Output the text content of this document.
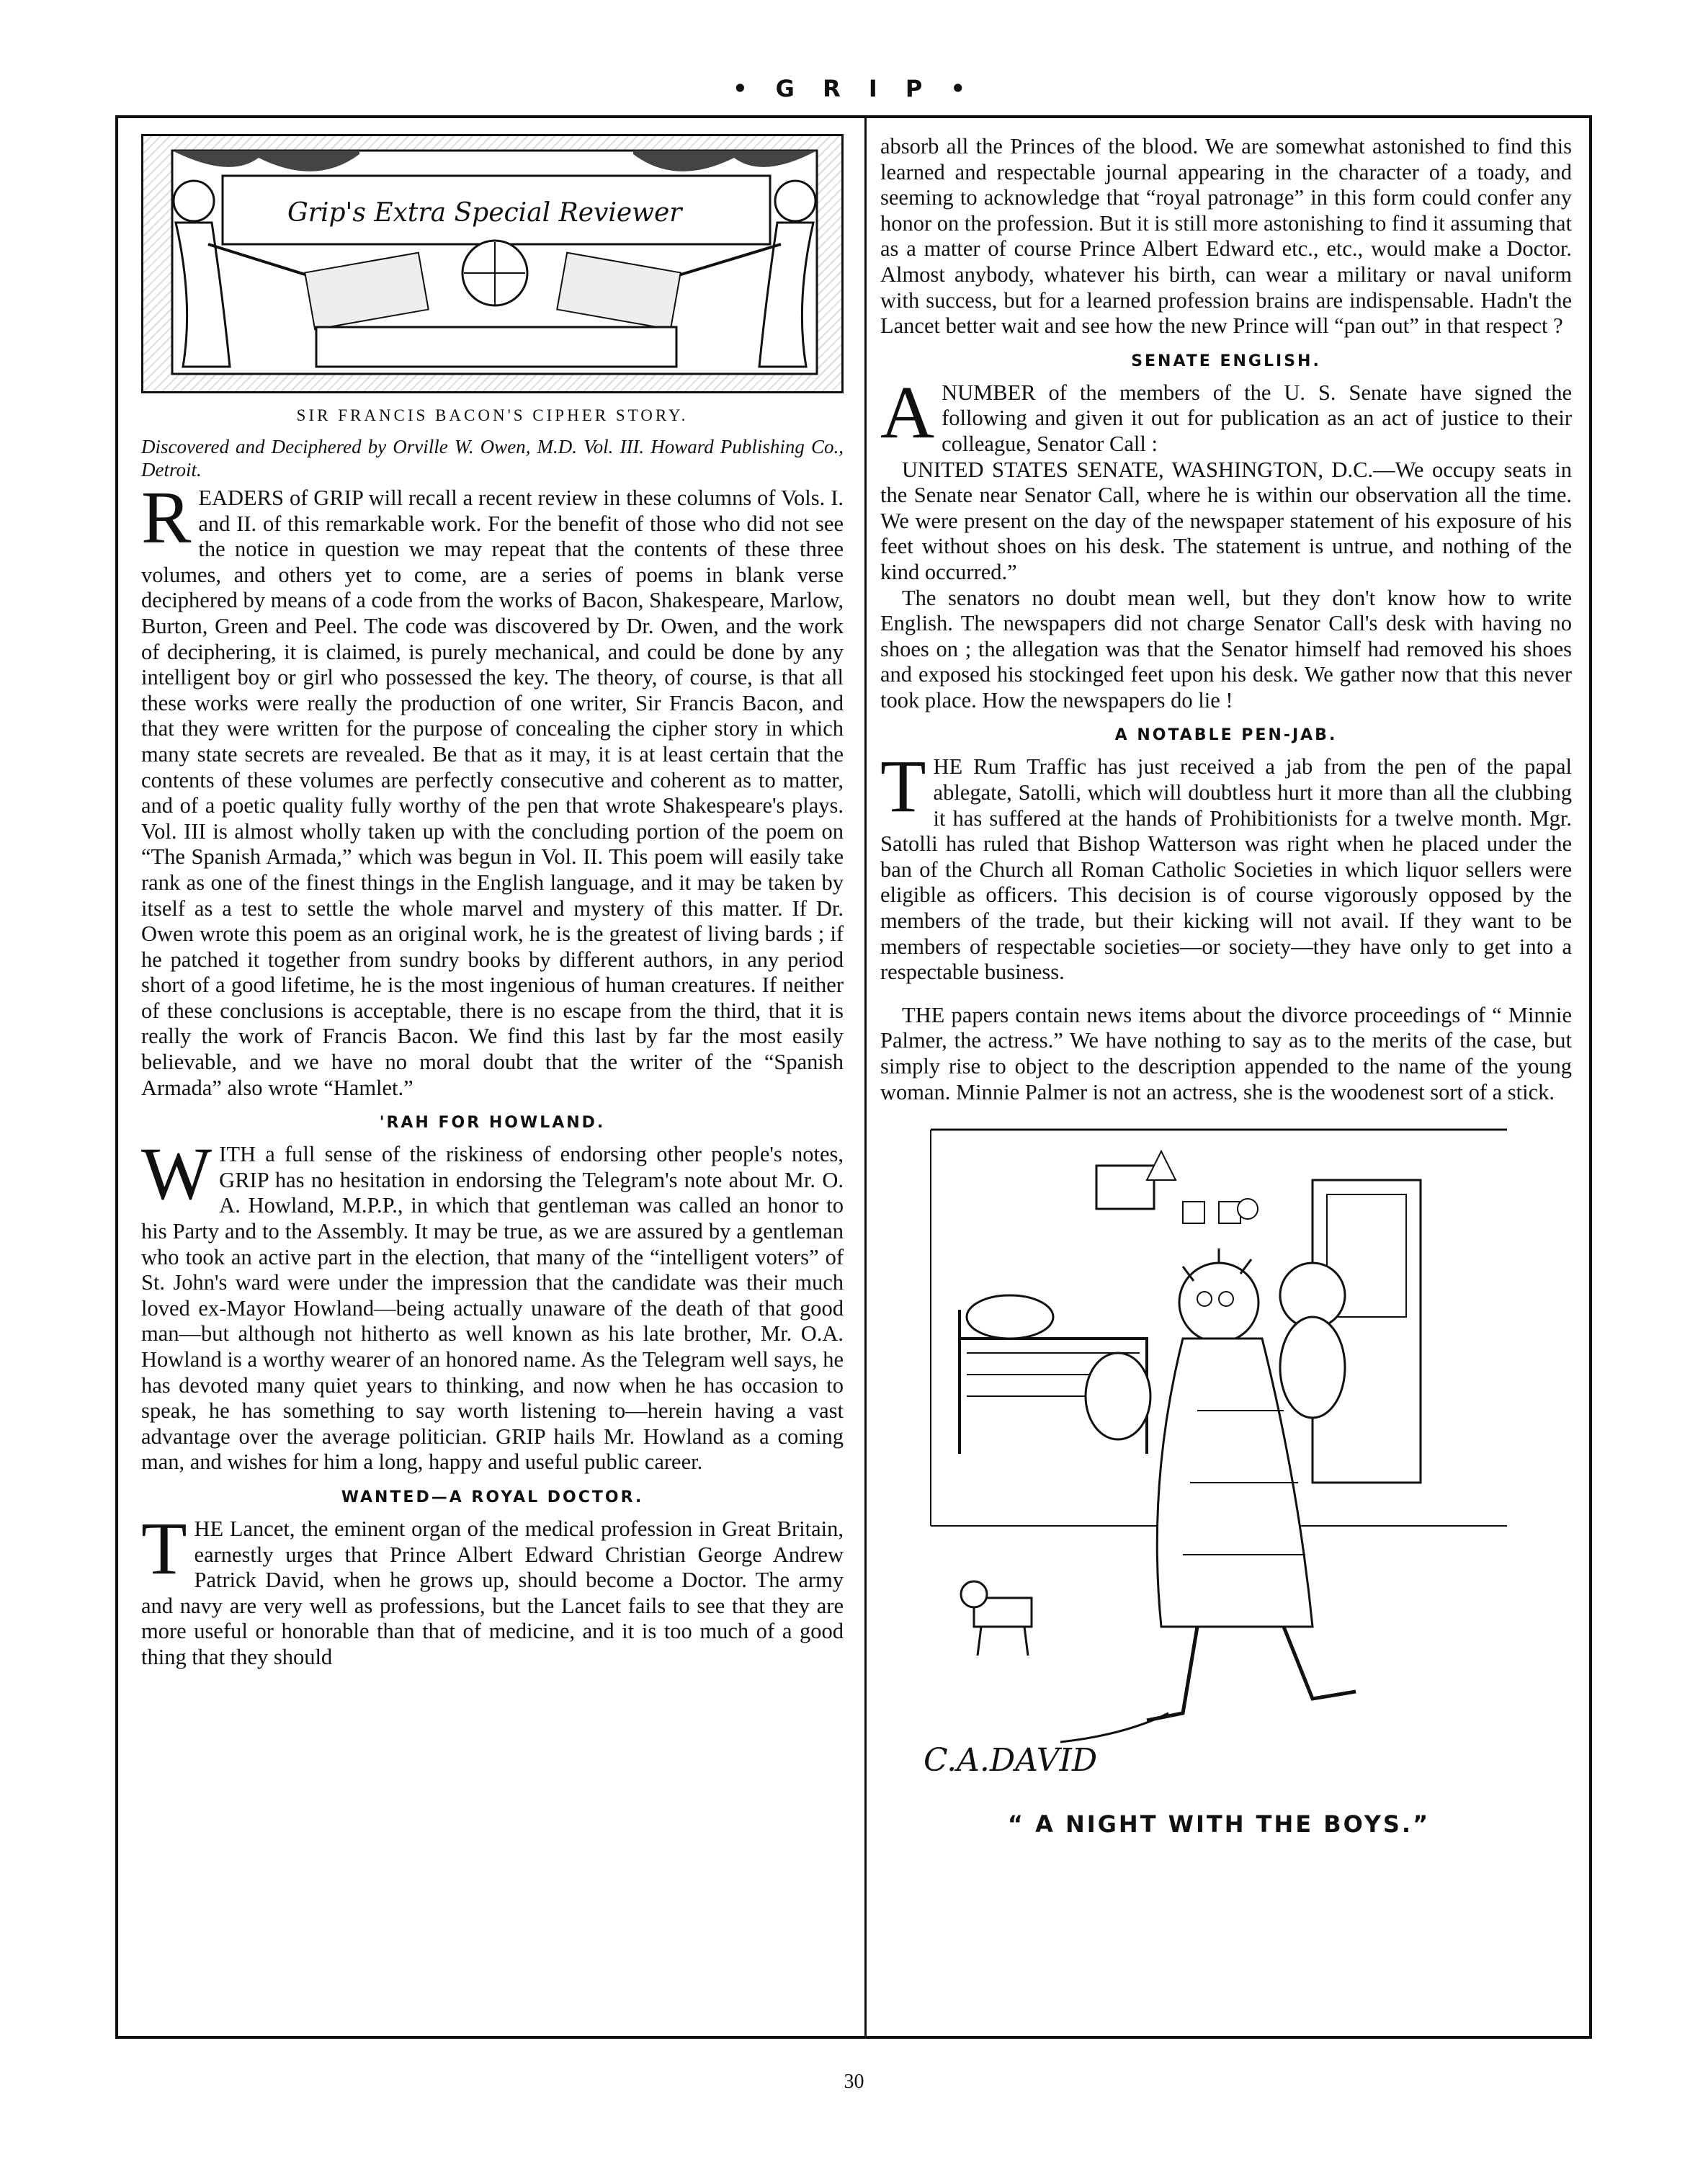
• G R I P •
Grip's Extra Special Reviewer
SIR FRANCIS BACON'S CIPHER STORY.
Discovered and Deciphered by Orville W. Owen, M.D. Vol. III. Howard Publishing Co., Detroit.

READERS of GRIP will recall a recent review in these columns of Vols. I. and II. of this remarkable work. For the benefit of those who did not see the notice in question we may repeat that the contents of these three volumes, and others yet to come, are a series of poems in blank verse deciphered by means of a code from the works of Bacon, Shakespeare, Marlow, Burton, Green and Peel. The code was discovered by Dr. Owen, and the work of deciphering, it is claimed, is purely mechanical, and could be done by any intelligent boy or girl who possessed the key. The theory, of course, is that all these works were really the production of one writer, Sir Francis Bacon, and that they were written for the purpose of concealing the cipher story in which many state secrets are revealed. Be that as it may, it is at least certain that the contents of these volumes are perfectly consecutive and coherent as to matter, and of a poetic quality fully worthy of the pen that wrote Shakespeare's plays. Vol. III is almost wholly taken up with the concluding portion of the poem on “The Spanish Armada,” which was begun in Vol. II. This poem will easily take rank as one of the finest things in the English language, and it may be taken by itself as a test to settle the whole marvel and mystery of this matter. If Dr. Owen wrote this poem as an original work, he is the greatest of living bards ; if he patched it together from sundry books by different authors, in any period short of a good lifetime, he is the most ingenious of human creatures. If neither of these conclusions is acceptable, there is no escape from the third, that it is really the work of Francis Bacon. We find this last by far the most easily believable, and we have no moral doubt that the writer of the “Spanish Armada” also wrote “Hamlet.”

'RAH FOR HOWLAND.

WITH a full sense of the riskiness of endorsing other people's notes, GRIP has no hesitation in endorsing the Telegram's note about Mr. O. A. Howland, M.P.P., in which that gentleman was called an honor to his Party and to the Assembly. It may be true, as we are assured by a gentleman who took an active part in the election, that many of the “intelligent voters” of St. John's ward were under the impression that the candidate was their much loved ex-Mayor Howland—being actually unaware of the death of that good man—but although not hitherto as well known as his late brother, Mr. O.A. Howland is a worthy wearer of an honored name. As the Telegram well says, he has devoted many quiet years to thinking, and now when he has occasion to speak, he has something to say worth listening to—herein having a vast advantage over the average politician. GRIP hails Mr. Howland as a coming man, and wishes for him a long, happy and useful public career.

WANTED—A ROYAL DOCTOR.

THE Lancet, the eminent organ of the medical profession in Great Britain, earnestly urges that Prince Albert Edward Christian George Andrew Patrick David, when he grows up, should become a Doctor. The army and navy are very well as professions, but the Lancet fails to see that they are more useful or honorable than that of medicine, and it is too much of a good thing that they should

absorb all the Princes of the blood. We are somewhat astonished to find this learned and respectable journal appearing in the character of a toady, and seeming to acknowledge that “royal patronage” in this form could confer any honor on the profession. But it is still more astonishing to find it assuming that as a matter of course Prince Albert Edward etc., etc., would make a Doctor. Almost anybody, whatever his birth, can wear a military or naval uniform with success, but for a learned profession brains are indispensable. Hadn't the Lancet better wait and see how the new Prince will “pan out” in that respect ?

SENATE ENGLISH.

ANUMBER of the members of the U. S. Senate have signed the following and given it out for publication as an act of justice to their colleague, Senator Call :

UNITED STATES SENATE, WASHINGTON, D.C.—We occupy seats in the Senate near Senator Call, where he is within our observation all the time. We were present on the day of the newspaper statement of his exposure of his feet without shoes on his desk. The statement is untrue, and nothing of the kind occurred.”

The senators no doubt mean well, but they don't know how to write English. The newspapers did not charge Senator Call's desk with having no shoes on ; the allegation was that the Senator himself had removed his shoes and exposed his stockinged feet upon his desk. We gather now that this never took place. How the newspapers do lie !

A NOTABLE PEN-JAB.

THE Rum Traffic has just received a jab from the pen of the papal ablegate, Satolli, which will doubtless hurt it more than all the clubbing it has suffered at the hands of Prohibitionists for a twelve month. Mgr. Satolli has ruled that Bishop Watterson was right when he placed under the ban of the Church all Roman Catholic Societies in which liquor sellers were eligible as officers. This decision is of course vigorously opposed by the members of the trade, but their kicking will not avail. If they want to be members of respectable societies—or society—they have only to get into a respectable business.

THE papers contain news items about the divorce proceedings of “ Minnie Palmer, the actress.” We have nothing to say as to the merits of the case, but simply rise to object to the description appended to the name of the young woman. Minnie Palmer is not an actress, she is the woodenest sort of a stick.

C.A.DAVID
“ A NIGHT WITH THE BOYS.”
30
